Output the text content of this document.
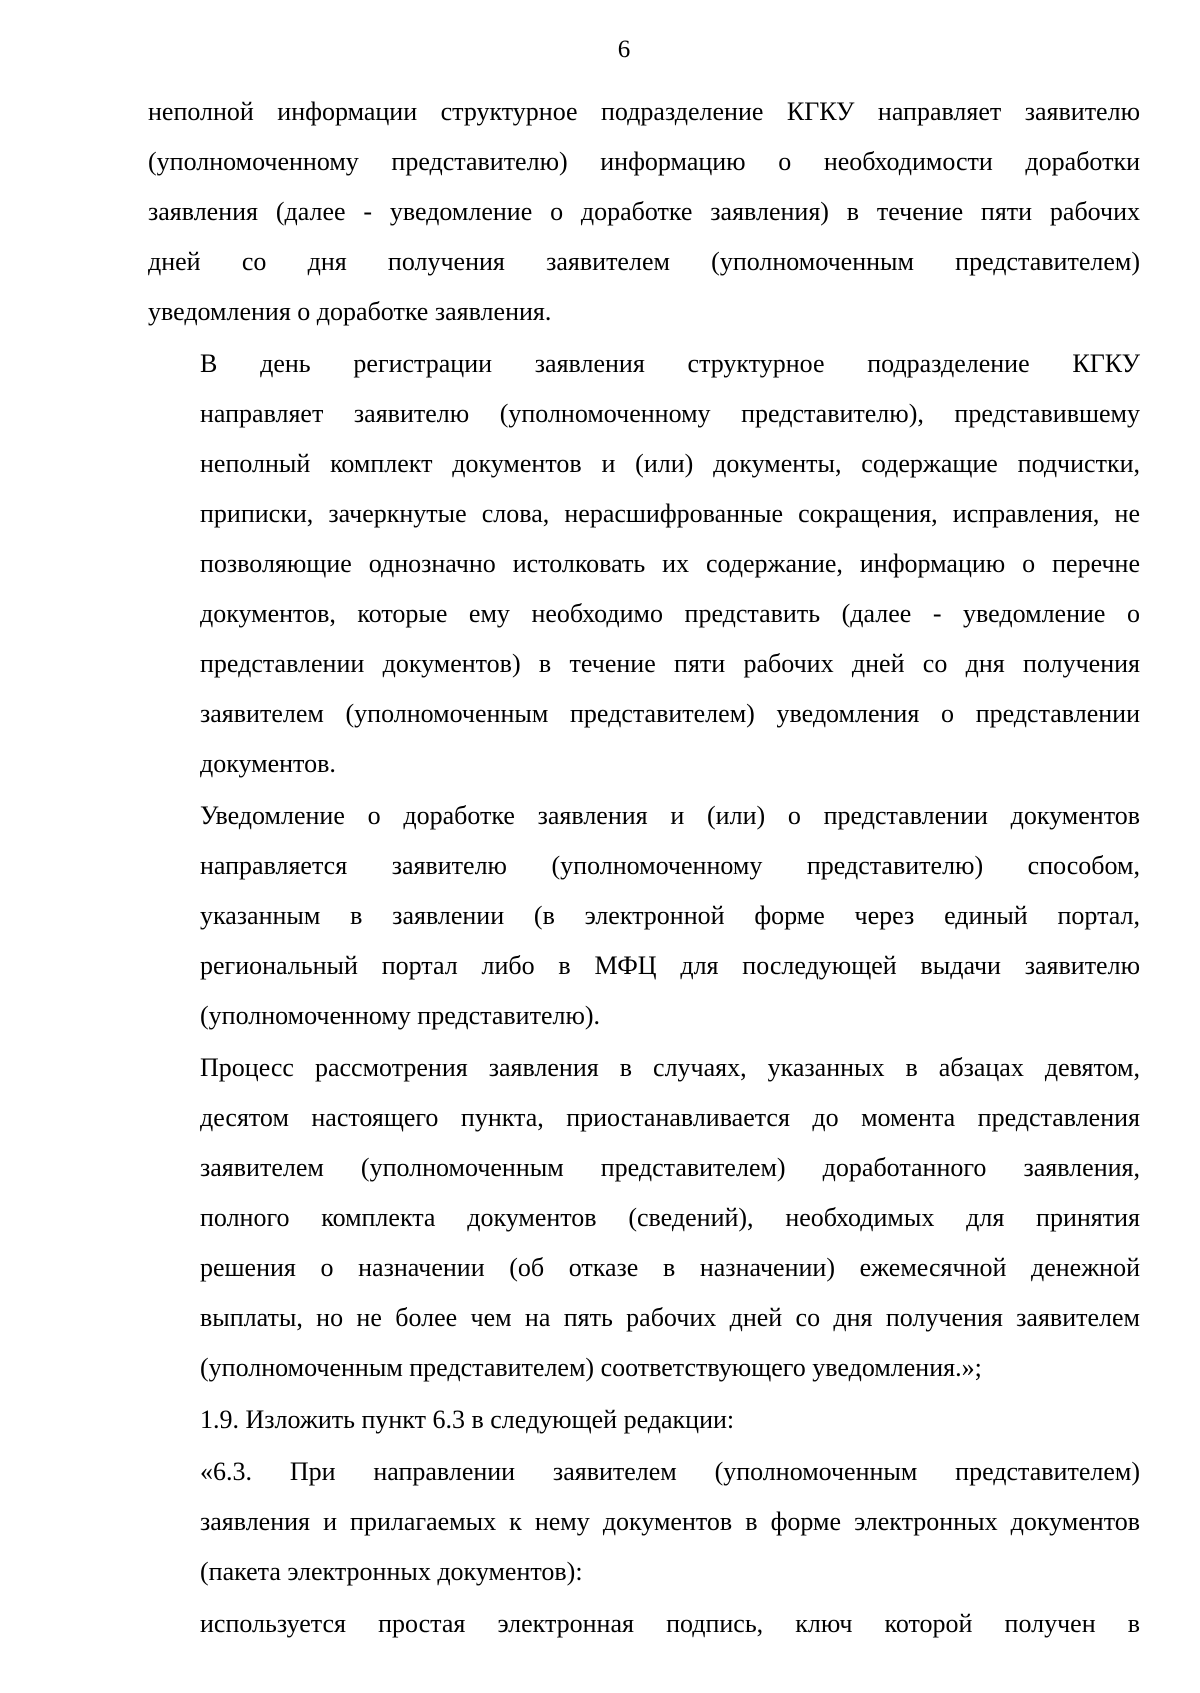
6
неполной информации структурное подразделение КГКУ направляет заявителю
(уполномоченному представителю) информацию о необходимости доработки
заявления (далее - уведомление о доработке заявления) в течение пяти рабочих
дней со дня получения заявителем (уполномоченным представителем)
уведомления о доработке заявления.
В день регистрации заявления структурное подразделение КГКУ
направляет заявителю (уполномоченному представителю), представившему
неполный комплект документов и (или) документы, содержащие подчистки,
приписки, зачеркнутые слова, нерасшифрованные сокращения, исправления, не
позволяющие однозначно истолковать их содержание, информацию о перечне
документов, которые ему необходимо представить (далее - уведомление о
представлении документов) в течение пяти рабочих дней со дня получения
заявителем (уполномоченным представителем) уведомления о представлении
документов.
Уведомление о доработке заявления и (или) о представлении документов
направляется заявителю (уполномоченному представителю) способом,
указанным в заявлении (в электронной форме через единый портал,
региональный портал либо в МФЦ для последующей выдачи заявителю
(уполномоченному представителю).
Процесс рассмотрения заявления в случаях, указанных в абзацах девятом,
десятом настоящего пункта, приостанавливается до момента представления
заявителем (уполномоченным представителем) доработанного заявления,
полного комплекта документов (сведений), необходимых для принятия
решения о назначении (об отказе в назначении) ежемесячной денежной
выплаты, но не более чем на пять рабочих дней со дня получения заявителем
(уполномоченным представителем) соответствующего уведомления.»;
1.9. Изложить пункт 6.3 в следующей редакции:
«6.3. При направлении заявителем (уполномоченным представителем)
заявления и прилагаемых к нему документов в форме электронных документов
(пакета электронных документов):
используется простая электронная подпись, ключ которой получен в
